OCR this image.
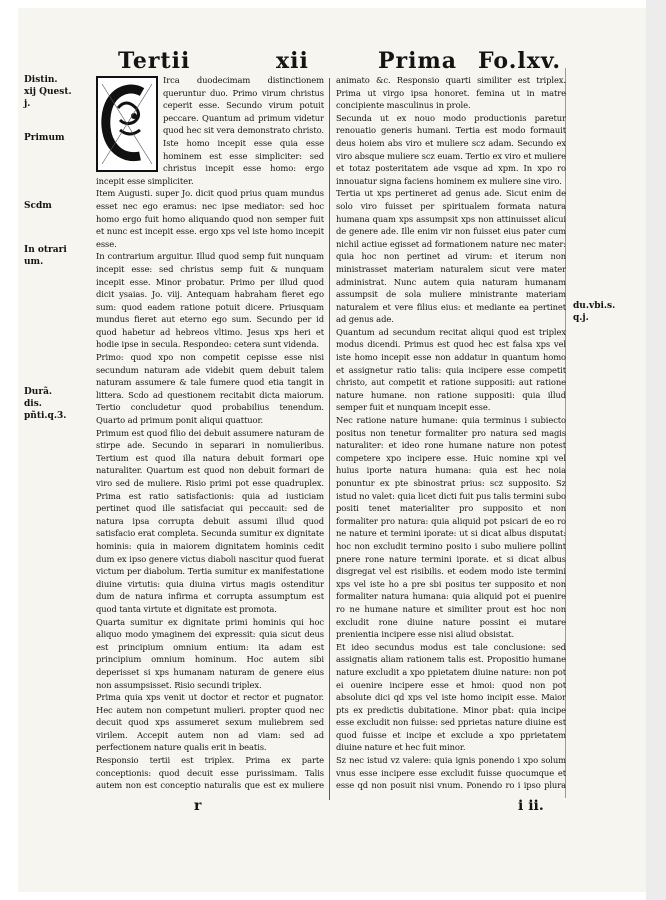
Tertii	xii	Prima Fo.lxv.
Distin. xij Quest. j.
Primum
Scdm
In otrari um.
Durã. dis. pñti.q.3.
du.vbi.s. q.j.

Irca duodecimam distinctionem queruntur duo. Primo virum christus ceperit esse. Secundo virum potuit peccare. Quantum ad primum videtur quod hec sit vera demonstrato christo. Iste homo incepit esse quia esse hominem est esse simpliciter: sed christus incepit esse homo: ergo incepit esse simpliciter.

Item Augusti. super Jo. dicit quod prius quam mundus esset nec ego eramus: nec ipse mediator: sed hoc homo ergo fuit homo aliquando quod non semper fuit et nunc est incepit esse. ergo xps vel iste homo incepit esse.

In contrarium arguitur. Illud quod semp fuit nunquam incepit esse: sed christus semp fuit & nunquam incepit esse. Minor probatur. Primo per illud quod dicit ysaias. Jo. viij. Antequam habraham fieret ego sum: quod eadem ratione potuit dicere. Priusquam mundus fieret aut eterno ego sum. Secundo per id quod habetur ad hebreos vltimo. Jesus xps heri et hodie ipse in secula. Respondeo: cetera sunt videnda.

Primo: quod xpo non competit cepisse esse nisi secundum naturam ade videbit quem debuit talem naturam assumere & tale fumere quod etia tangit in littera. Scdo ad questionem recitabit dicta maiorum. Tertio concludetur quod probabilius tenendum. Quarto ad primum ponit aliqui quattuor.

Primum est quod filio dei debuit assumere naturam de stirpe ade. Secundo in separari in nomulieribus. Tertium est quod illa natura debuit formari ope naturaliter. Quartum est quod non debuit formari de viro sed de muliere. Risio primi pot esse quadruplex. Prima est ratio satisfactionis: quia ad iusticiam pertinet quod ille satisfaciat qui peccauit: sed de natura ipsa corrupta debuit assumi illud quod satisfacio erat completa. Secunda sumitur ex dignitate hominis: quia in maiorem dignitatem hominis cedit dum ex ipso genere victus diaboli nascitur quod fuerat victum per diabolum. Tertia sumitur ex manifestatione diuine virtutis: quia diuina virtus magis ostenditur dum de natura infirma et corrupta assumptum est quod tanta virtute et dignitate est promota.

Quarta sumitur ex dignitate primi hominis qui hoc aliquo modo ymaginem dei expressit: quia sicut deus est principium omnium entium: ita adam est principium omnium hominum. Hoc autem sibi deperisset si xps humanam naturam de genere eius non assumpsisset. Risio secundi triplex.

Prima quia xps venit ut doctor et rector et pugnator. Hec autem non competunt mulieri. propter quod nec decuit quod xps assumeret sexum muliebrem sed virilem. Accepit autem non ad viam: sed ad perfectionem nature qualis erit in beatis.

Responsio tertii est triplex. Prima ex parte conceptionis: quod decuit esse purissimam. Talis autem non est conceptio naturalis que est ex muliere

animato &c. Responsio quarti similiter est triplex. Prima ut virgo ipsa honoret. femina ut in matre concipiente masculinus in prole.

Secunda ut ex nouo modo productionis paretur renouatio generis humani. Tertia est modo formauit deus hoiem abs viro et muliere scz adam. Secundo ex viro absque muliere scz euam. Tertio ex viro et muliere et totaz posteritatem ade vsque ad xpm. In xpo ro innouatur signa faciens hominem ex muliere sine viro.

Tertia ut xps pertineret ad genus ade. Sicut enim de solo viro fuisset per spiritualem formata natura humana quam xps assumpsit xps non attinuisset alicui de genere ade. Ille enim vir non fuisset eius pater cum nichil actiue egisset ad formationem nature nec mater: quia hoc non pertinet ad virum: et iterum non ministrasset materiam naturalem sicut vere mater administrat. Nunc autem quia naturam humanam assumpsit de sola muliere ministrante materiam naturalem et vere filius eius: et mediante ea pertinet ad genus ade.

Quantum ad secundum recitat aliqui quod est triplex modus dicendi. Primus est quod hec est falsa xps vel iste homo incepit esse non addatur in quantum homo et assignetur ratio talis: quia incipere esse competit christo, aut competit et ratione suppositi: aut ratione nature humane. non ratione suppositi: quia illud semper fuit et nunquam incepit esse.

Nec ratione nature humane: quia terminus i subiecto positus non tenetur formaliter pro natura sed magis naturaliter: et ideo rone humane nature non potest competere xpo incipere esse. Huic nomine xpi vel huius iporte natura humana: quia est hec noia ponuntur ex pte sbinostrat prius: scz supposito. Sz istud no valet: quia licet dicti fuit pus talis termini subo positi tenet materialiter pro supposito et non formaliter pro natura: quia aliquid pot psicari de eo ro ne nature et termini iporate: ut si dicat albus disputat: hoc non excludit termino posito i subo muliere pollint pnere rone nature termini iporate. et si dicat albus disgregat vel est risibilis. et eodem modo iste termini xps vel iste ho a pre sbi positus ter supposito et non formaliter natura humana: quia aliquid pot ei puenire ro ne humane nature et similiter prout est hoc non excludit rone diuine nature possint ei mutare prenientia incipere esse nisi aliud obsistat.

Et ideo secundus modus est tale conclusione: sed assignatis aliam rationem talis est. Propositio humane nature excludit a xpo ppietatem diuine nature: non pot ei ouenire incipere esse et hmoi: quod non pot absolute dici qd xps vel iste homo incipit esse. Maior pts ex predictis dubitatione. Minor pbat: quia incipe esse excludit non fuisse: sed pprietas nature diuine est quod fuisse et incipe et exclude a xpo pprietatem diuine nature et hec fuit minor.

Sz nec istud vz valere: quia ignis ponendo i xpo solum vnus esse incipere esse excludit fuisse quocumque et esse qd non posuit nisi vnum. Ponendo ro i ipso plura

r	i ii.
